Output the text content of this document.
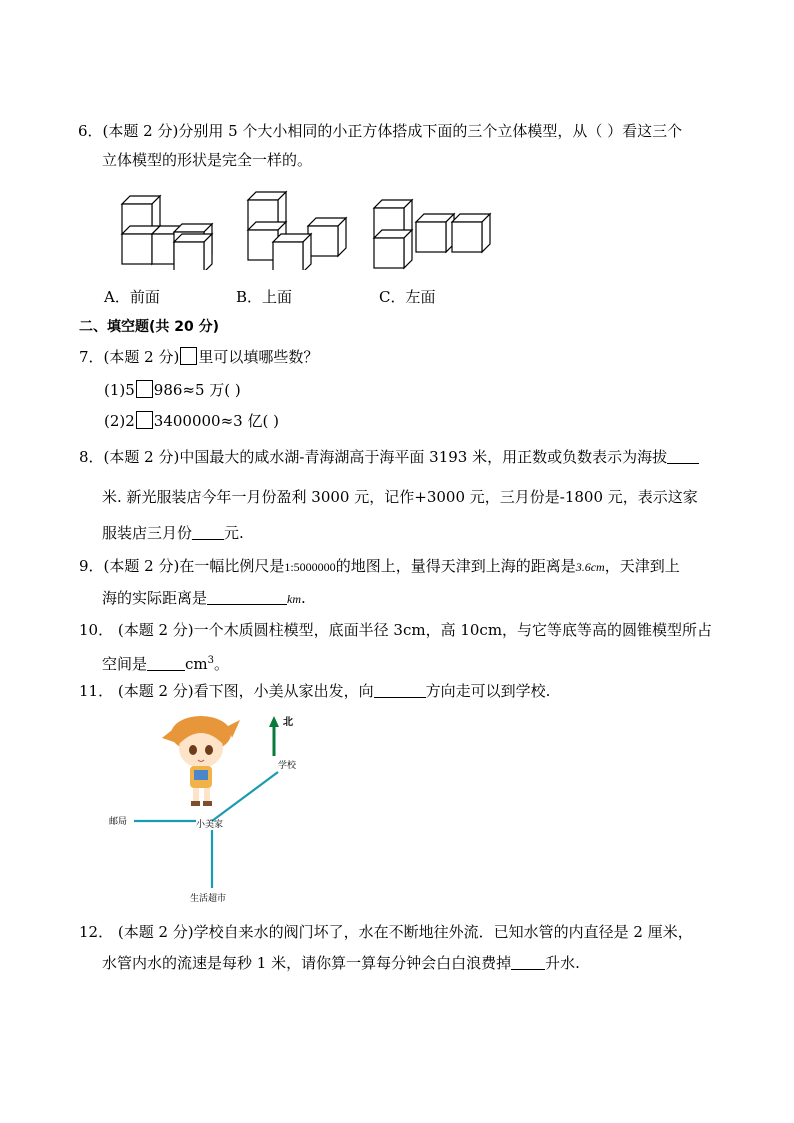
6．(本题 2 分)分别用 5 个大小相同的小正方体搭成下面的三个立体模型，从（ ）看这三个
立体模型的形状是完全一样的。
A．前面	B．上面	C．左面
二、填空题(共 20 分)
7．(本题 2 分) 里可以填哪些数？
(1)5 986≈5 万( )
(2)2 3400000≈3 亿( )
8．(本题 2 分)中国最大的咸水湖-青海湖高于海平面 3193 米，用正数或负数表示为海拔
米. 新光服装店今年一月份盈利 3000 元，记作+3000 元，三月份是-1800 元，表示这家
服装店三月份 元.
9．(本题 2 分)在一幅比例尺是1:5000000的地图上，量得天津到上海的距离是3.6cm，天津到上
海的实际距离是	km.
10． (本题 2 分)一个木质圆柱模型，底面半径 3cm，高 10cm，与它等底等高的圆锥模型所占
空间是	$cm^3$。
11． (本题 2 分)看下图，小美从家出发，向	方向走可以到学校.
北
学校
邮局	小美家
生活超市
12． (本题 2 分)学校自来水的阀门坏了，水在不断地往外流．已知水管的内直径是 2 厘米，
水管内水的流速是每秒 1 米，请你算一算每分钟会白白浪费掉 升水.
